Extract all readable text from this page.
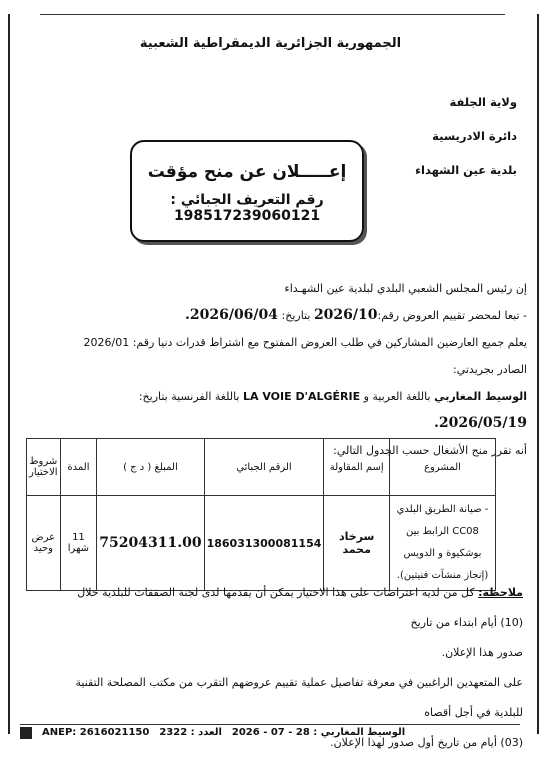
الجمهورية الجزائرية الديمقراطية الشعبية
ولاية الجلفة
دائرة الادريسية
بلدية عين الشهداء
إعـــــلان عن منح مؤقت
رقم التعريف الجبائي : 198517239060121
إن رئيس المجلس الشعبي البلدي لبلدية عين الشهـداء
- تبعا لمحضر تقييم العروض رقم:2026/10 بتاريخ: 2026/06/04.
يعلم جميع العارضين المشاركين في طلب العروض المفتوح مع اشتراط قدرات دنيا رقم: 2026/01 الصادر بجريدتي:
الوسيط المغاربي باللغة العربية و LA VOIE D'ALGÉRIE باللغة الفرنسية بتاريخ: 2026/05/19.
أنه تقرر منح الأشغال حسب الجدول التالي:
المشروع	إسم المقاولة	الرقم الجبائي	المبلغ ( د ج )	المدة	شروط الاختيار

- صيانة الطريق البلدي CC08 الرابط بين
بوشكيوة و الدويس (إنجاز منشآت فنيتين).	سرخاد محمد	186031300081154	75204311.00	11 شهرا	عرض وحيد
ملاحظة: كل من لديه اعتراضات على هذا الاختيار يمكن أن يقدمها لدى لجنة الصفقات للبلدية خلال (10) أيام ابتداء من تاريخ
صدور هذا الإعلان.
على المتعهدين الراغبين في معرفة تفاصيل عملية تقييم عروضهم التقرب من مكتب المصلحة التقنية للبلدية في أجل أقصاه
(03) أيام من تاريخ أول صدور لهذا الإعلان.
ANEP: 2616021150 2322 : العدد 2026 - 07 - 28 : الوسيط المغاربي
